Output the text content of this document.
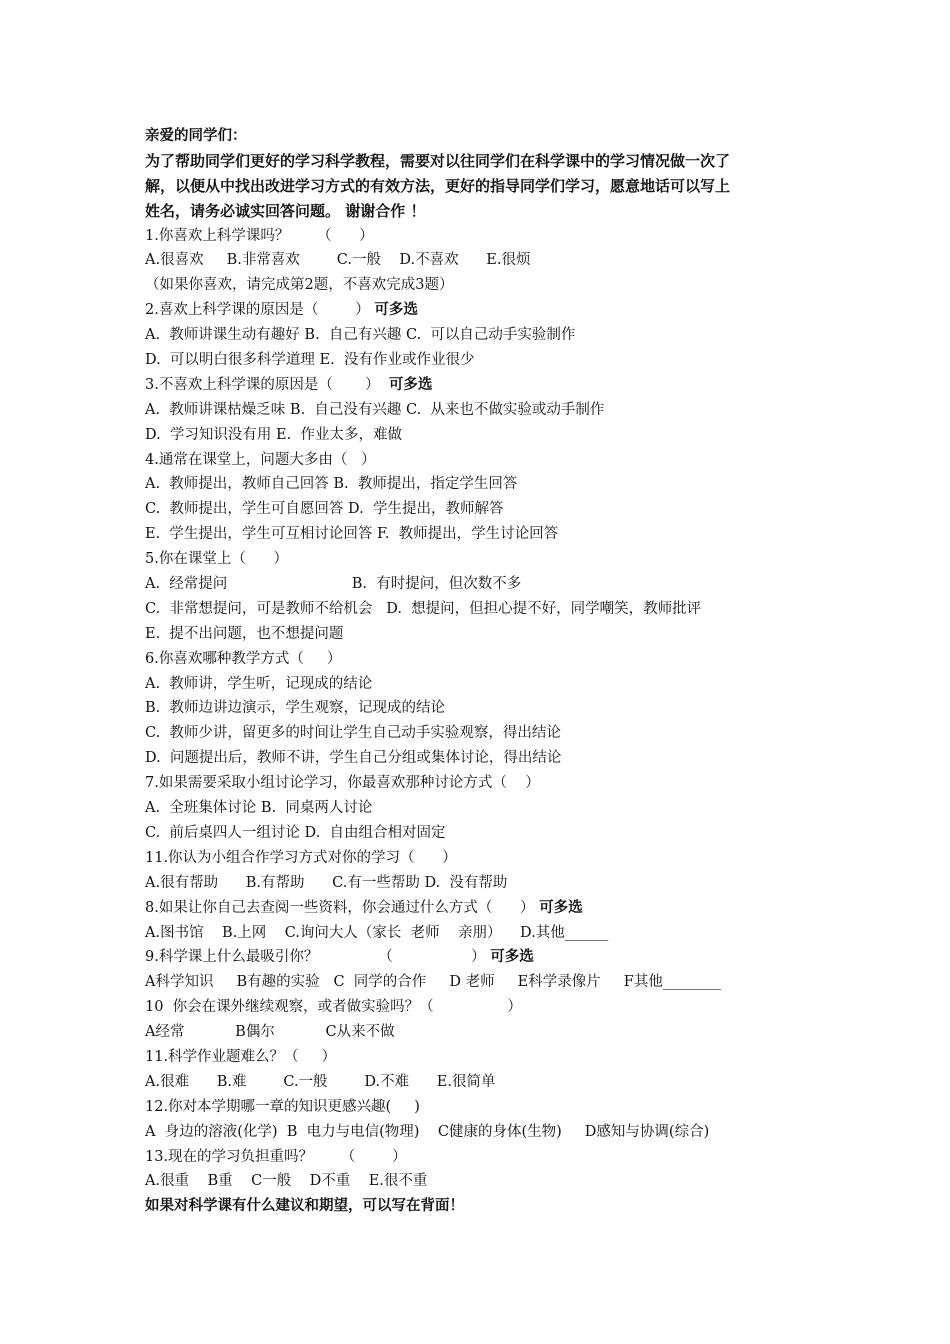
亲爱的同学们：
为了帮助同学们更好的学习科学教程，需要对以往同学们在科学课中的学习情况做一次了
解，以便从中找出改进学习方式的有效方法，更好的指导同学们学习，愿意地话可以写上
姓名，请务必诚实回答问题。 谢谢合作 ！
1.你喜欢上科学课吗？      （      ）
A.很喜欢     B.非常喜欢        C.一般    D.不喜欢      E.很烦
（如果你喜欢，请完成第2题，不喜欢完成3题）
2.喜欢上科学课的原因是（        ） 可多选
A.  教师讲课生动有趣好 B.  自己有兴趣 C.  可以自己动手实验制作
D.  可以明白很多科学道理 E.  没有作业或作业很少
3.不喜欢上科学课的原因是（       ）  可多选
A.  教师讲课枯燥乏味 B.  自己没有兴趣 C.  从来也不做实验或动手制作
D.  学习知识没有用 E.  作业太多，难做
4.通常在课堂上，问题大多由（   ）
A.  教师提出，教师自己回答 B.  教师提出，指定学生回答
C.  教师提出，学生可自愿回答 D.  学生提出，教师解答
E.  学生提出，学生可互相讨论回答 F.  教师提出，学生讨论回答
5.你在课堂上（      ）
A.  经常提问                           B.  有时提问，但次数不多
C.  非常想提问，可是教师不给机会   D.  想提问，但担心提不好，同学嘲笑，教师批评
E.  提不出问题，也不想提问题
6.你喜欢哪种教学方式（     ）
A.  教师讲，学生听，记现成的结论
B.  教师边讲边演示，学生观察，记现成的结论
C.  教师少讲，留更多的时间让学生自己动手实验观察，得出结论
D.  问题提出后，教师不讲，学生自己分组或集体讨论，得出结论
7.如果需要采取小组讨论学习，你最喜欢那种讨论方式（    ）
A.  全班集体讨论 B.  同桌两人讨论
C.  前后桌四人一组讨论 D.  自由组合相对固定
11.你认为小组合作学习方式对你的学习（      ）
A.很有帮助      B.有帮助      C.有一些帮助 D.  没有帮助
8.如果让你自己去查阅一些资料，你会通过什么方式（      ） 可多选
A.图书馆    B.上网    C.询问大人（家长  老师    亲朋）    D.其他______
9.科学课上什么最吸引你？             （                 ） 可多选
A科学知识     B有趣的实验   C  同学的合作     D 老师     E科学录像片     F其他________
10  你会在课外继续观察，或者做实验吗？（                ）
A经常           B偶尔           C从来不做
11.科学作业题难么？（     ）
A.很难      B.难        C.一般        D.不难      E.很简单
12.你对本学期哪一章的知识更感兴趣(     )
A  身边的溶液(化学)  B  电力与电信(物理)    C健康的身体(生物)     D感知与协调(综合)
13.现在的学习负担重吗？      （        ）
A.很重    B重    C一般    D不重    E.很不重
如果对科学课有什么建议和期望，可以写在背面！
